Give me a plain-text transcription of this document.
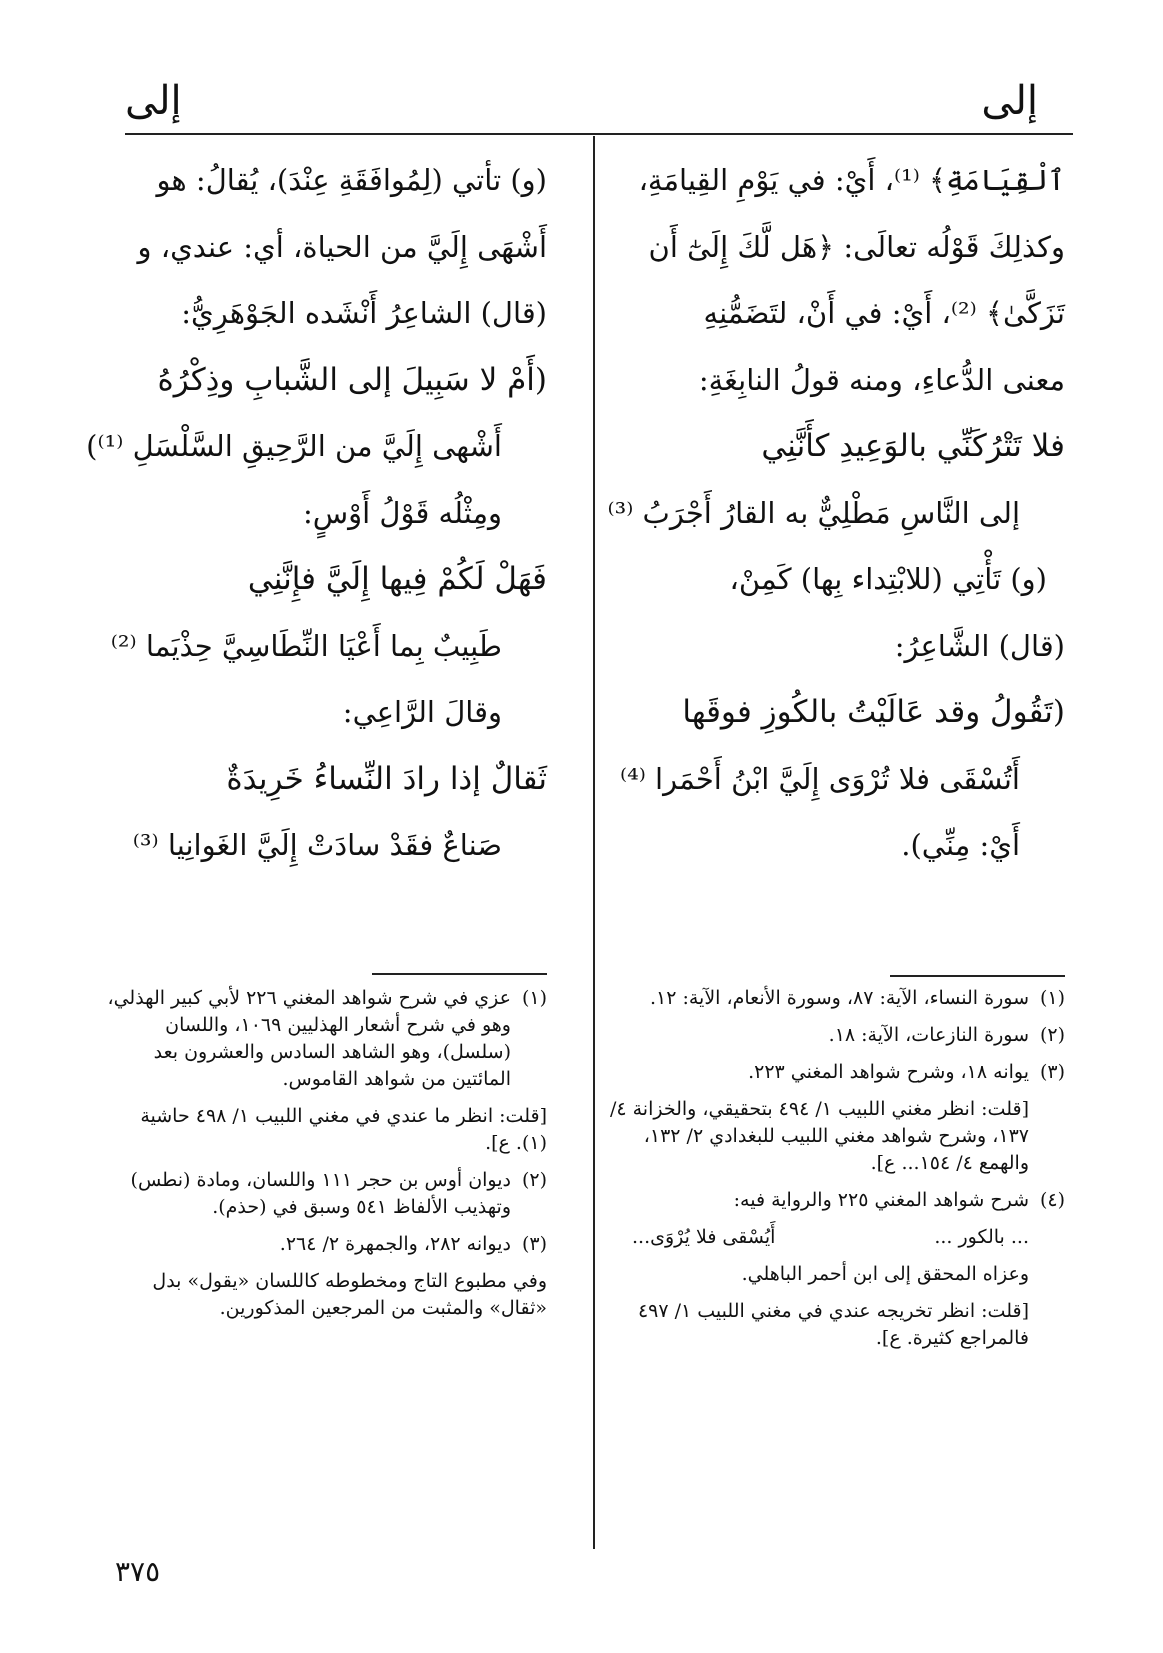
إلى
إلى
ٱلْقِيَامَةِ﴾ ⁽¹⁾، أَيْ: في يَوْمِ القِيامَةِ،
وكذلِكَ قَوْلُه تعالَى: ﴿هَل لَّكَ إِلَىٰٓ أَن
تَزَكَّىٰ﴾ ⁽²⁾، أَيْ: في أَنْ، لتَضَمُّنِهِ
معنى الدُّعاءِ، ومنه قولُ النابِغَةِ:
فلا تَتْرُكَنِّي بالوَعِيدِ كأَنَّنِي
إلى النَّاسِ مَطْلِيٌّ به القارُ أَجْرَبُ ⁽³⁾
(و) تَأْتِي (للابْتِداء بِها) كَمِنْ،
(قال) الشَّاعِرُ:
(تَقُولُ وقد عَالَيْتُ بالكُوزِ فوقَها
أَتُسْقَى فلا تُرْوَى إِلَيَّ ابْنُ أَحْمَرا ⁽⁴⁾
أَيْ: مِنِّي).
(و) تأتي (لِمُوافَقَةِ عِنْدَ)، يُقالُ: هو
أَشْهَى إِلَيَّ من الحياة، أي: عندي، و
(قال) الشاعِرُ أَنْشَده الجَوْهَرِيُّ:
(أَمْ لا سَبِيلَ إلى الشَّبابِ وذِكْرُهُ
أَشْهى إِلَيَّ من الرَّحِيقِ السَّلْسَلِ ⁽¹⁾)
ومِثْلُه قَوْلُ أَوْسٍ:
فَهَلْ لَكُمْ فِيها إِلَيَّ فإِنَّنِي
طَبِيبٌ بِما أَعْيَا النِّطَاسِيَّ حِذْيَما ⁽²⁾
وقالَ الرَّاعِي:
ثَقالٌ إذا رادَ النِّساءُ خَرِيدَةٌ
صَناعٌ فقَدْ سادَتْ إِلَيَّ الغَوانِيا ⁽³⁾
(١)
سورة النساء، الآية: ٨٧، وسورة الأنعام، الآية: ١٢.
(٢)
سورة النازعات، الآية: ١٨.
(٣)
يوانه ١٨، وشرح شواهد المغني ٢٢٣.
[قلت: انظر مغني اللبيب ١/ ٤٩٤ بتحقيقي، والخزانة ٤/ ١٣٧، وشرح شواهد مغني اللبيب للبغدادي ٢/ ١٣٢، والهمع ٤/ ١٥٤... ع].
(٤)
شرح شواهد المغني ٢٢٥ والرواية فيه:
... بالكور ...
أَيُسْقى فلا يُرْوَى...
وعزاه المحقق إلى ابن أحمر الباهلي.
[قلت: انظر تخريجه عندي في مغني اللبيب ١/ ٤٩٧ فالمراجع كثيرة. ع].
(١)
عزي في شرح شواهد المغني ٢٢٦ لأبي كبير الهذلي، وهو في شرح أشعار الهذليين ١٠٦٩، واللسان (سلسل)، وهو الشاهد السادس والعشرون بعد المائتين من شواهد القاموس.
[قلت: انظر ما عندي في مغني اللبيب ١/ ٤٩٨ حاشية (١). ع].
(٢)
ديوان أوس بن حجر ١١١ واللسان، ومادة (نطس) وتهذيب الألفاظ ٥٤١ وسبق في (حذم).
(٣)
ديوانه ٢٨٢، والجمهرة ٢/ ٢٦٤.
وفي مطبوع التاج ومخطوطه كاللسان «يقول» بدل «ثقال» والمثبت من المرجعين المذكورين.
٣٧٥
